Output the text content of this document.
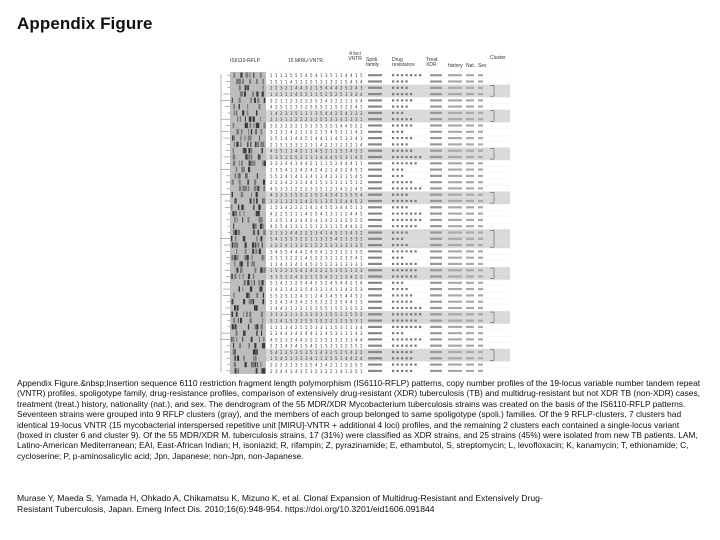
Appendix Figure
1 1 1 2 5 5 5 4 5 4 1 3 5 1 1 4 4 1 5
1 5 1 1 4 1 1 2 5 1 3 1 3 2 1 5 4 3 4
2 2 3 2 1 4 4 3 2 1 5 4 4 4 2 5 2 4 3
1 3 1 1 3 4 5 5 1 1 5 2 5 2 5 1 3 2 4
5 2 1 1 2 3 2 2 2 5 3 4 3 2 2 1 1 3 4
4 2 5 1 2 3 3 2 5 5 5 2 1 5 3 2 2 4 1
1 4 2 3 3 5 1 1 1 3 5 4 4 2 5 4 3 2 3
2 3 3 1 2 2 2 2 3 2 5 5 3 3 4 2 3 3 1
3 2 3 2 3 2 1 5 1 3 5 3 5 1 4 4 5 2 2
3 1 3 1 4 2 1 1 2 2 1 5 4 5 3 1 1 4 3
3 5 1 4 1 4 4 5 1 4 4 1 1 4 5 3 3 4 3
2 1 5 1 5 3 1 2 3 1 4 2 3 3 2 3 2 1 4
4 2 5 1 1 4 2 1 1 4 5 2 1 1 5 3 4 2 3
5 3 5 1 5 5 2 1 3 1 4 3 4 5 5 3 1 4 5
3 3 3 4 4 3 4 4 2 1 1 1 5 2 4 4 4 1 1
1 3 5 4 1 2 4 2 4 2 4 2 1 4 3 2 4 5 3
5 5 2 4 1 4 1 3 4 1 3 4 2 3 2 1 5 4 5
2 2 3 4 2 3 2 4 4 3 5 3 3 1 1 1 5 1 2
4 5 3 3 1 2 5 2 3 3 5 1 2 3 4 5 2 4 5
4 3 3 5 1 5 5 2 1 5 2 4 3 4 1 5 5 5 4
1 3 1 3 2 1 2 4 2 5 1 3 5 1 5 4 4 5 3
1 5 3 4 2 2 2 1 4 1 4 5 5 3 4 4 5 1 1
4 2 2 5 1 1 1 4 2 5 4 1 3 1 1 2 4 4 5
1 3 5 1 4 2 4 4 2 4 1 4 2 3 3 5 5 2 5
4 5 5 4 1 3 1 1 5 1 2 3 1 1 5 4 4 2 2
2 1 3 1 4 4 2 2 2 3 4 1 4 5 2 3 4 3 2
5 4 1 5 5 3 2 2 1 1 3 1 5 4 1 1 3 3 1
3 2 2 4 1 1 3 5 1 2 2 5 3 3 3 3 1 3 5
3 4 5 5 4 4 4 2 4 5 4 1 3 3 1 5 1 3 5
3 3 1 3 2 2 1 4 5 2 2 3 1 1 2 3 5 4 1
1 1 4 1 2 4 1 4 5 2 5 2 2 3 1 3 3 3 1
1 5 2 2 1 5 4 1 4 2 2 2 5 1 5 5 1 2 3
3 1 5 1 2 4 3 2 1 1 5 4 2 1 1 3 4 2 2
5 1 4 2 1 2 5 4 4 2 3 2 4 5 4 4 2 1 4
1 4 3 1 4 2 3 5 4 3 3 1 4 1 1 4 2 5 3
5 5 2 5 1 2 4 3 1 2 4 3 4 5 5 4 4 3 2
5 2 4 3 4 3 4 2 3 5 3 2 2 2 5 4 4 1 3
1 4 4 2 1 2 2 1 5 3 5 5 1 5 5 3 5 5 3
3 1 3 2 1 1 3 3 1 3 1 1 5 5 1 1 5 5 2
5 1 4 1 5 3 3 5 5 1 5 2 2 1 1 5 5 3 1
1 1 1 3 4 2 5 5 5 3 3 1 1 5 3 1 1 3 4
2 2 4 4 3 4 4 4 4 1 2 4 5 3 1 1 1 4 3
4 5 2 3 3 4 4 5 2 2 3 5 1 3 2 3 3 4 4
5 2 1 4 3 4 1 5 4 2 1 5 3 1 3 2 3 5 2
5 4 2 2 5 3 5 3 5 1 4 3 2 5 2 5 4 2 2
1 5 4 5 1 3 3 3 4 1 1 2 5 5 1 4 4 2 4
2 2 2 3 1 3 3 2 5 4 3 4 2 1 1 5 2 5 5
2 3 4 4 3 4 3 5 1 2 3 2 2 3 4 1 2 5 1
IS6110-RFLP	15 MIRU-VNTR
4 loci VNTR Spoli. family
Drug resistance
Treat. XDR	history Nat. Sex
Cluster
Appendix Figure.&nbsp;Insertion sequence 6110 restriction fragment length polymorphism (IS6110-RFLP) patterns, copy number profiles of the 19-locus variable number tandem repeat (VNTR) profiles, spoligotype family, drug-resistance profiles, comparison of extensively drug-resistant (XDR) tuberculosis (TB) and multidrug-resistant but not XDR TB (non-XDR) cases, treatment (treat.) history, nationality (nat.), and sex. The dendrogram of the 55 MDR/XDR Mycobacterium tuberculosis strains was created on the basis of the IS6110-RFLP patterns. Seventeen strains were grouped into 9 RFLP clusters (gray), and the members of each group belonged to same spoligotype (spoli.) families. Of the 9 RFLP-clusters, 7 clusters had identical 19-locus VNTR (15 mycobacterial interspersed repetitive unit [MIRU]-VNTR + additional 4 loci) profiles, and the remaining 2 clusters each contained a single-locus variant (boxed in cluster 6 and cluster 9). Of the 55 MDR/XDR M. tuberculosis strains, 17 (31%) were classified as XDR strains, and 25 strains (45%) were isolated from new TB patients. LAM, Latino-American Mediterranean; EAI, East-African Indian; H, isoniazid; R, rifampin; Z, pyrazinamide; E, ethambutol, S, streptomycin; L, levofloxacin; K, kanamycin; T, ethionamide; C, cycloserine; P, p-aminosalicylic acid; Jpn, Japanese; non-Jpn, non-Japanese.
Murase Y, Maeda S, Yamada H, Ohkado A, Chikamatsu K, Mizuno K, et al. Clonal Expansion of Multidrug-Resistant and Extensively Drug-Resistant Tuberculosis, Japan. Emerg Infect Dis. 2010;16(6):948-954. https://doi.org/10.3201/eid1606.091844
